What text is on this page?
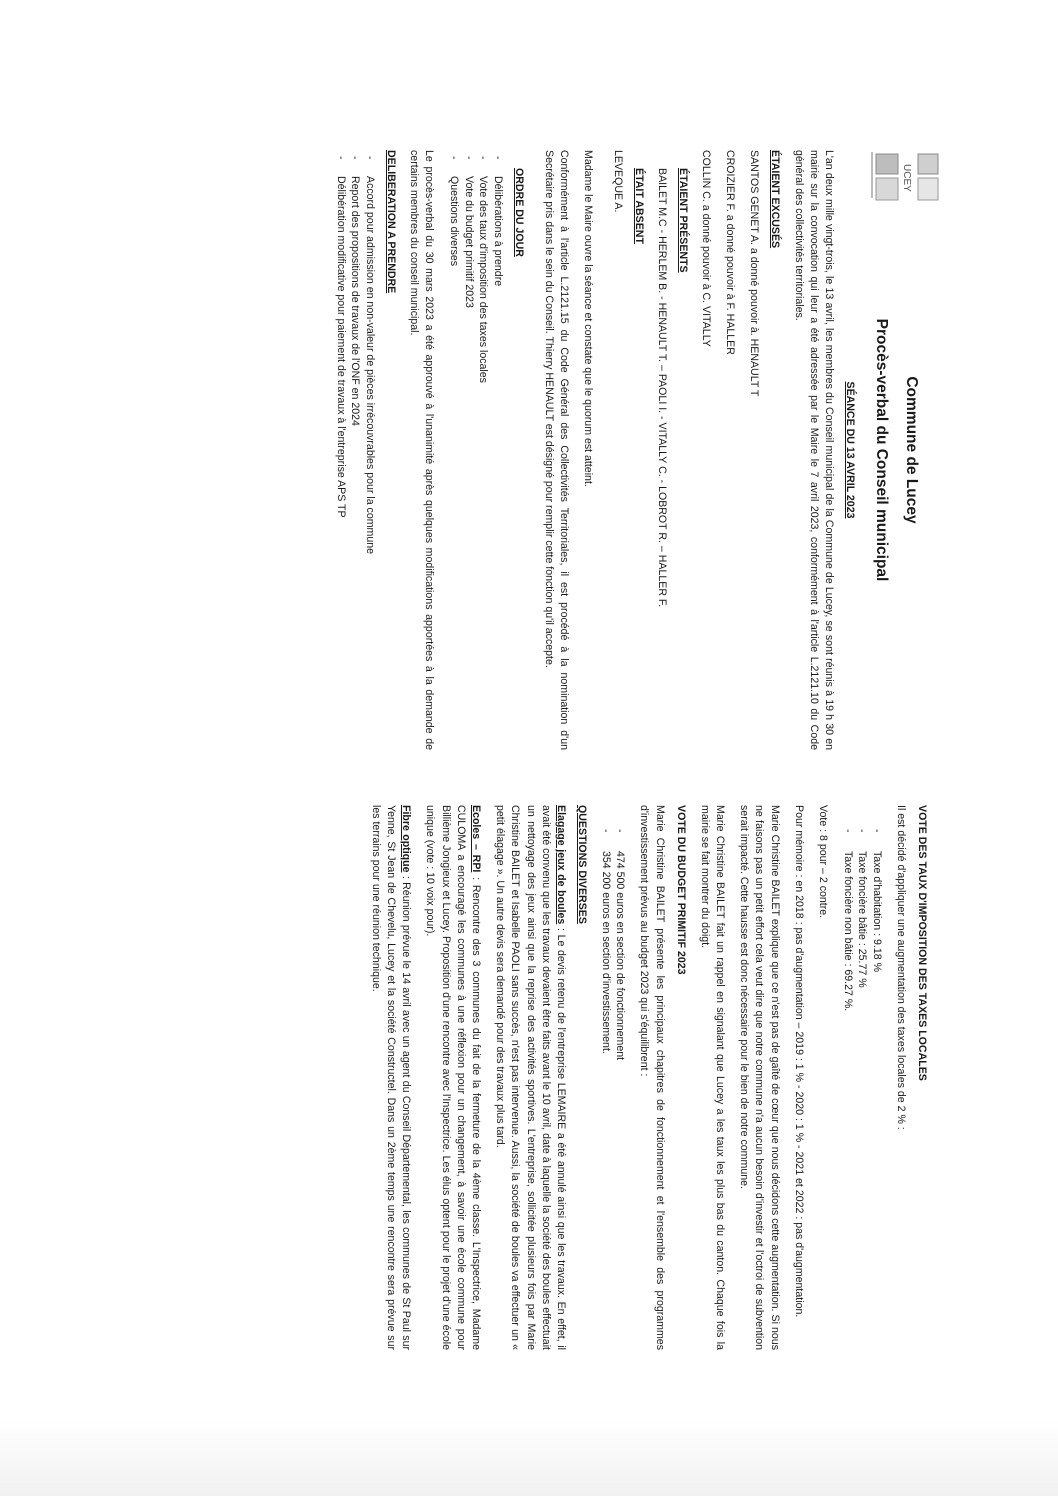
UCEY
Commune de Lucey
Procès-verbal du Conseil municipal
SÉANCE DU 13 AVRIL 2023

L'an deux mille vingt-trois, le 13 avril, les membres du Conseil municipal de la Commune de Lucey, se sont réunis à 19 h 30 en mairie sur la convocation qui leur a été adressée par le Maire le 7 avril 2023, conformément à l'article L.2121.10 du Code général des collectivités territoriales.

ÉTAIENT EXCUSÉS

SANTOS GENET A. a donné pouvoir à. HENAULT T

CROIZIER F. a donné pouvoir à F. HALLER

COLLIN C. a donné pouvoir à C. VITALLY

ÉTAIENT PRÉSENTS

BAILET M.C - HERLEM B. - HENAULT T. – PAOLI I. - VITALLY C. - LOBROT R. – HALLER F.

ÉTAIT ABSENT

LEVEQUE A.

Madame le Maire ouvre la séance et constate que le quorum est atteint.

Conformément à l'article L.2121.15 du Code Général des Collectivités Territoriales, il est procédé à la nomination d'un Secrétaire pris dans le sein du Conseil. Thierry HENAULT est désigné pour remplir cette fonction qu'il accepte.

ORDRE DU JOUR
- Délibérations à prendre
- Vote des taux d'imposition des taxes locales
- Vote du budget primitif 2023
- Questions diverses

Le procès-verbal du 30 mars 2023 a été approuvé à l'unanimité après quelques modifications apportées à la demande de certains membres du conseil municipal.

DELIBERATION A PRENDRE
- Accord pour admission en non-valeur de pièces irrécouvrables pour la commune
- Report des propositions de travaux de l'ONF en 2024
- Délibération modificative pour paiement de travaux à l'entreprise APS TP
VOTE DES TAUX D'IMPOSITION DES TAXES LOCALES

Il est décidé d'appliquer une augmentation des taxes locales de 2 % :

- Taxe d'habitation : 9.18 %
- Taxe foncière bâtie : 25.77 %
- Taxe foncière non bâtie : 69.27 %.

Vote : 8 pour – 2 contre.

Pour mémoire : en 2018 : pas d'augmentation – 2019 : 1 % - 2020 : 1 % - 2021 et 2022 : pas d'augmentation.

Marie Christine BAILET explique que ce n'est pas de gaîté de cœur que nous décidons cette augmentation. Si nous ne faisons pas un petit effort cela veut dire que notre commune n'a aucun besoin d'investir et l'octroi de subvention serait impacté. Cette hausse est donc nécessaire pour le bien de notre commune.

Marie Christine BAILET fait un rappel en signalant que Lucey a les taux les plus bas du canton. Chaque fois la mairie se fait montrer du doigt.

VOTE DU BUDGET PRIMITIF 2023

Marie Christine BAILET présente les principaux chapitres de fonctionnement et l'ensemble des programmes d'investissement prévus au budget 2023 qui s'équilibrent :

- 474 500 euros en section de fonctionnement
- 354 200 euros en section d'investissement.
QUESTIONS DIVERSES

Elagage jeux de boules : Le devis retenu de l'entreprise LEMAIRE a été annulé ainsi que les travaux. En effet, il avait été convenu que les travaux devaient être faits avant le 10 avril, date à laquelle la société des boules effectuait un nettoyage des jeux ainsi que la reprise des activités sportives. L'entreprise, sollicitée plusieurs fois par Marie Christine BAILET et Isabelle PAOLI sans succès, n'est pas intervenue. Aussi, la société de boules va effectuer un « petit élagage ». Un autre devis sera demandé pour des travaux plus tard.

Ecoles – RPI : Rencontre des 3 communes du fait de la fermeture de la 4ème classe. L'Inspectrice, Madame CULOMA a encouragé les communes à une réflexion pour un changement, à savoir une école commune pour Billième Jongieux et Lucey. Proposition d'une rencontre avec l'Inspectrice. Les élus optent pour le projet d'une école unique (vote : 10 voix pour).

Fibre optique : Réunion prévue le 14 avril avec un agent du Conseil Départemental, les communes de St Paul sur Yenne, St Jean de Chevelu, Lucey et la société Constructel. Dans un 2ème temps une rencontre sera prévue sur les terrains pour une réunion technique.
